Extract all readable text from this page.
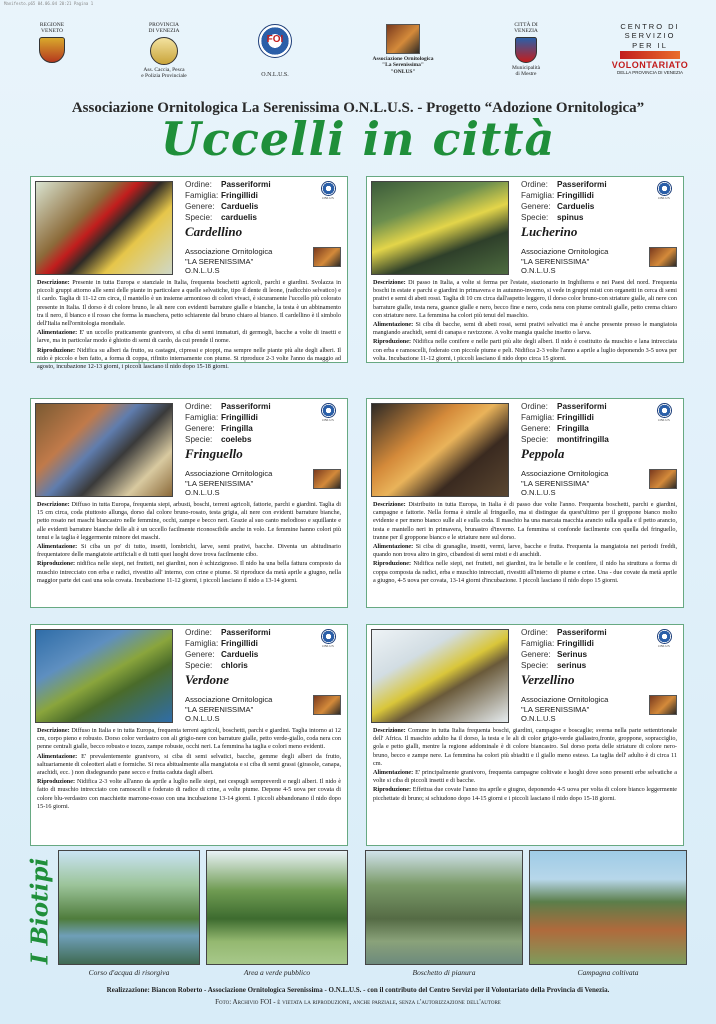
Manifesto.p65 04.06.04 20:21 Pagina 1
REGIONE
VENETO
PROVINCIA
DI VENEZIA
Ass. Caccia, Pesca
e Polizia Provinciale
FOI
O.N.L.U.S.
Associazione Ornitologica
"La Serenissima"
"ONLUS"
CITTÀ DI
VENEZIA
Municipalità
di Mestre
CENTRO DI
SERVIZIO
PER IL
VOLONTARIATO
DELLA PROVINCIA DI VENEZIA
Associazione Ornitologica La Serenissima O.N.L.U.S. - Progetto “Adozione Ornitologica”
Uccelli in città
Ordine:	Passeriformi
Famiglia: Fringillidi
Genere: Carduelis
Specie:	carduelis
ONLUS
Cardellino
Associazione Ornitologica
"LA SERENISSIMA"
O.N.L.U.S

Descrizione: Presente in tutta Europa e stanziale in Italia, frequenta boschetti agricoli, parchi e giardini. Svolazza in piccoli gruppi attorno alle semi delle piante in particolare a quelle selvatiche, tipo il dente di leone, (radicchio selvatico) e il cardo. Taglia di 11-12 cm circa, il mantello è un insieme armonioso di colori vivaci, è sicuramente l'uccello più colorato presente in Italia. Il dorso è di colore bruno, le ali nere con evidenti barrature gialle e bianche, la testa è un abbinamento tra il nero, il bianco e il rosso che forma la maschera, petto schiarente dal bruno chiaro al bianco. Il cardellino è il simbolo dell'Italia nell'ornitologia mondiale.

Alimentazione: E' un uccello praticamente granivoro, si ciba di semi immaturi, di germogli, bacche a volte di insetti e larve, ma in particolar modo è ghiotto di semi di cardo, da cui prende il nome.

Riproduzione: Nidifica su alberi da frutto, su castagni, cipressi e pioppi, ma sempre nelle piante più alte degli alberi. Il nido è piccolo e ben fatto, a forma di coppa, rifinito internamente con piume. Si riproduce 2-3 volte l'anno da maggio ad agosto, incubazione 12-13 giorni, i piccoli lasciano il nido dopo 15-18 giorni.

Ordine:	Passeriformi
Famiglia: Fringillidi
Genere: Carduelis
Specie:	spinus
ONLUS
Lucherino
Associazione Ornitologica
"LA SERENISSIMA"
O.N.L.U.S

Descrizione: Di passo in Italia, a volte si ferma per l'estate, stazionario in Inghilterra e nei Paesi del nord. Frequenta boschi in estate e parchi e giardini in primavera e in autunno-inverno, si vede in gruppi misti con organetti in cerca di semi prativi e semi di abeti rossi. Taglia di 10 cm circa dall'aspetto leggero, il dorso color bruno-con striature gialle, ali nere con barrature gialle, testa nera, guance gialle e nero, becco fine e nero, coda nera con piume centrali gialle, petto crema chiaro con striature nere. La femmina ha colori più tenui del maschio.

Alimentazione: Si ciba di bacche, semi di abeti rossi, semi prativi selvatici ma è anche presente presso le mangiatoia mangiando arachidi, semi di canapa e ravizzone. A volte mangia qualche insetto o larva.

Riproduzione: Nidifica nelle conifere e nelle parti più alte degli alberi. Il nido è costituito da muschio e lana intrecciata con erba e ramoscelli, foderato con piccole piume e peli. Nidifica 2-3 volte l'anno a aprile a luglio deponendo 3-5 uova per volta. Incubazione 11-12 giorni, i piccoli lasciano il nido dopo circa 15 giorni.

Ordine:	Passeriformi
Famiglia: Fringillidi
Genere: Fringilla
Specie:	coelebs
ONLUS
Fringuello
Associazione Ornitologica
"LA SERENISSIMA"
O.N.L.U.S

Descrizione: Diffuso in tutta Europa, frequenta siepi, arbusti, boschi, terreni agricoli, fattorie, parchi e giardini. Taglia di 15 cm circa, coda piuttosto allunga, dorso dal colore bruno-rosato, testa grigia, ali nere con evidenti barrature bianche, petto rosato nei maschi biancastro nelle femmine, occhi, zampe e becco neri. Grazie al suo canto melodioso e squillante e alle evidenti barrature bianche delle ali è un uccello facilmente riconoscibile anche in volo. Le femmine hanno colori più tenui e la taglia è leggermente minore dei maschi.

Alimentazione: Si ciba un po' di tutto, insetti, lombrichi, larve, semi prativi, bacche. Diventa un abitudinario frequentatore delle mangiatoie artificiali e di tutti quei luoghi dove trova facilmente cibo.

Riproduzione: nidifica nelle siepi, nei frutteti, nei giardini, non è schizzignoso. Il nido ha una bella fattura composto da muschio intrecciato con erba e radici, rivestito all' interno, con crine e piume. Si riproduce da metà aprile a giugno, nella maggior parte dei casi una sola covata. Incubazione 11-12 giorni, i piccoli lasciano il nido a 13-14 giorni.

Ordine:	Passeriformi
Famiglia: Fringillidi
Genere: Fringilla
Specie:	montifringilla
ONLUS
Peppola
Associazione Ornitologica
"LA SERENISSIMA"
O.N.L.U.S

Descrizione: Distribuito in tutta Europa, in Italia è di passo due volte l'anno. Frequenta boschetti, parchi e giardini, campagne e fattorie. Nella forma è simile al fringuello, ma si distingue da quest'ultimo per il groppone bianco molto evidente e per meno bianco sulle ali e sulla coda. Il maschio ha una marcata macchia arancio sulla spalla e il petto arancio, testa e mantello neri in primavera, brunastro d'inverno. La femmina si confonde facilmente con quella del fringuello, tranne per il groppone bianco e le striature nere sul dorso.

Alimentazione: Si ciba di granaglie, insetti, vermi, larve, bacche e frutta. Frequenta la mangiatoia nei periodi freddi, quando non trova altro in giro, cibandosi di semi misti e di arachidi.

Riproduzione: Nidifica nelle siepi, nei frutteti, nei giardini, tra le betulle e le conifere, il nido ha struttura a forma di coppa composta da radici, erba e muschio intrecciati, rivestiti all'interno di piume e crine. Una - due covate da metà aprile a giugno, 4-5 uova per covata, 13-14 giorni d'incubazione. I piccoli lasciano il nido dopo 15 giorni.

Ordine:	Passeriformi
Famiglia: Fringillidi
Genere: Carduelis
Specie:	chloris
ONLUS
Verdone
Associazione Ornitologica
"LA SERENISSIMA"
O.N.L.U.S

Descrizione: Diffuso in Italia e in tutta Europa, frequenta terreni agricoli, boschetti, parchi e giardini. Taglia intorno ai 12 cm, corpo pieno e robusto. Dorso color verdastro con ali grigio-nere con barrature gialle, petto verde-giallo, coda nera con penne centrali gialle, becco robusto e tozzo, zampe robuste, occhi neri. La femmina ha taglia e colori meno evidenti.

Alimentazione: E' prevalentemente granivoro, si ciba di semi selvatici, bacche, gemme degli alberi da frutto, saltuariamente di coleotteri alati e formiche. Si reca abitualmente alla mangiatoia e si ciba di semi grassi (girasole, canapa, arachidi, ecc. ) non disdegnando pane secco e frutta caduta dagli alberi.

Riproduzione: Nidifica 2-3 volte all'anno da aprile a luglio nelle siepi, nei cespugli sempreverdi e negli alberi. Il nido è fatto di muschio intrecciato con ramoscelli e foderato di radice di crine, a volte piume. Depone 4-5 uova per covata di colore blu-verdastro con macchiette marrone-rosso con una incubazione 13-14 giorni. I piccoli abbandonano il nido dopo 15-16 giorni.

Ordine:	Passeriformi
Famiglia: Fringillidi
Genere: Serinus
Specie:	serinus
ONLUS
Verzellino
Associazione Ornitologica
"LA SERENISSIMA"
O.N.L.U.S

Descrizione: Comune in tutta Italia frequenta boschi, giardini, campagne e boscaglie; sverna nella parte settentrionale dell' Africa. Il maschio adulto ha il dorso, la testa e le ali di color grigio-verde giallastro,fronte, groppone, sopracciglio, gola e petto gialli, mentre la regione addominale è di colore biancastro. Sul dorso porta delle striature di colore nero-bruno, becco e zampe nere. La femmina ha colori più sbiaditi e il giallo meno esteso. La taglia dell' adulto è di circa 11 cm.

Alimentazione: E' principalmente granivoro, frequenta campagne coltivate e luoghi dove sono presenti erbe selvatiche a volte si ciba di piccoli insetti e di bacche.

Riproduzione: Effettua due covate l'anno tra aprile e giugno, deponendo 4-5 uova per volta di colore bianco leggermente picchettate di bruno; si schiudono dopo 14-15 giorni e i piccoli lasciano il nido dopo 15-18 giorni.

I Biotipi
Corso d'acqua di risorgiva	Area a verde pubblico	Boschetto di pianura	Campagna coltivata
Realizzazione: Biancon Roberto - Associazione Ornitologica Serenissima - O.N.L.U.S. - con il contributo del Centro Servizi per il Volontariato della Provincia di Venezia.
Foto: Archivio FOI - è vietata la riproduzione, anche parziale, senza l'autorizzazione dell'autore
